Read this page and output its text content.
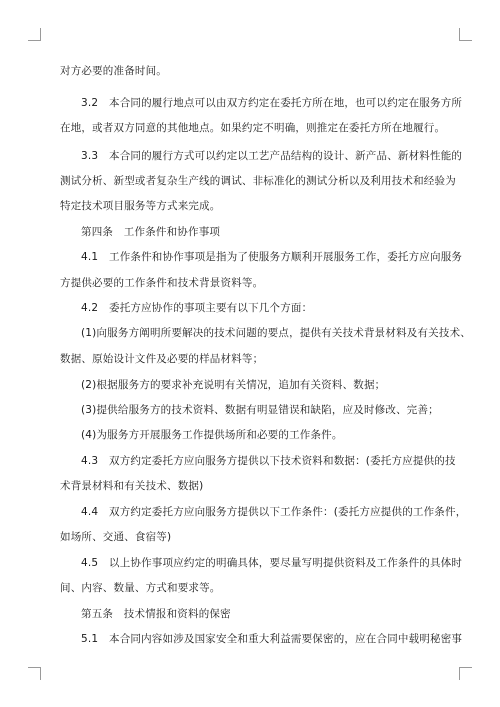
对方必要的准备时间。
3.2　本合同的履行地点可以由双方约定在委托方所在地，也可以约定在服务方所
在地，或者双方同意的其他地点。如果约定不明确，则推定在委托方所在地履行。
3.3　本合同的履行方式可以约定以工艺产品结构的设计、新产品、新材料性能的
测试分析、新型或者复杂生产线的调试、非标准化的测试分析以及利用技术和经验为
特定技术项目服务等方式来完成。
第四条　工作条件和协作事项
4.1　工作条件和协作事项是指为了使服务方顺利开展服务工作，委托方应向服务
方提供必要的工作条件和技术背景资料等。
4.2　委托方应协作的事项主要有以下几个方面：
(1)向服务方阐明所要解决的技术问题的要点，提供有关技术背景材料及有关技术、
数据、原始设计文件及必要的样品材料等；
(2)根据服务方的要求补充说明有关情况，追加有关资料、数据；
(3)提供给服务方的技术资料、数据有明显错误和缺陷，应及时修改、完善；
(4)为服务方开展服务工作提供场所和必要的工作条件。
4.3　双方约定委托方应向服务方提供以下技术资料和数据：(委托方应提供的技
术背景材料和有关技术、数据)
4.4　双方约定委托方应向服务方提供以下工作条件：(委托方应提供的工作条件，
如场所、交通、食宿等)
4.5　以上协作事项应约定的明确具体，要尽量写明提供资料及工作条件的具体时
间、内容、数量、方式和要求等。
第五条　技术情报和资料的保密
5.1　本合同内容如涉及国家安全和重大利益需要保密的，应在合同中载明秘密事
